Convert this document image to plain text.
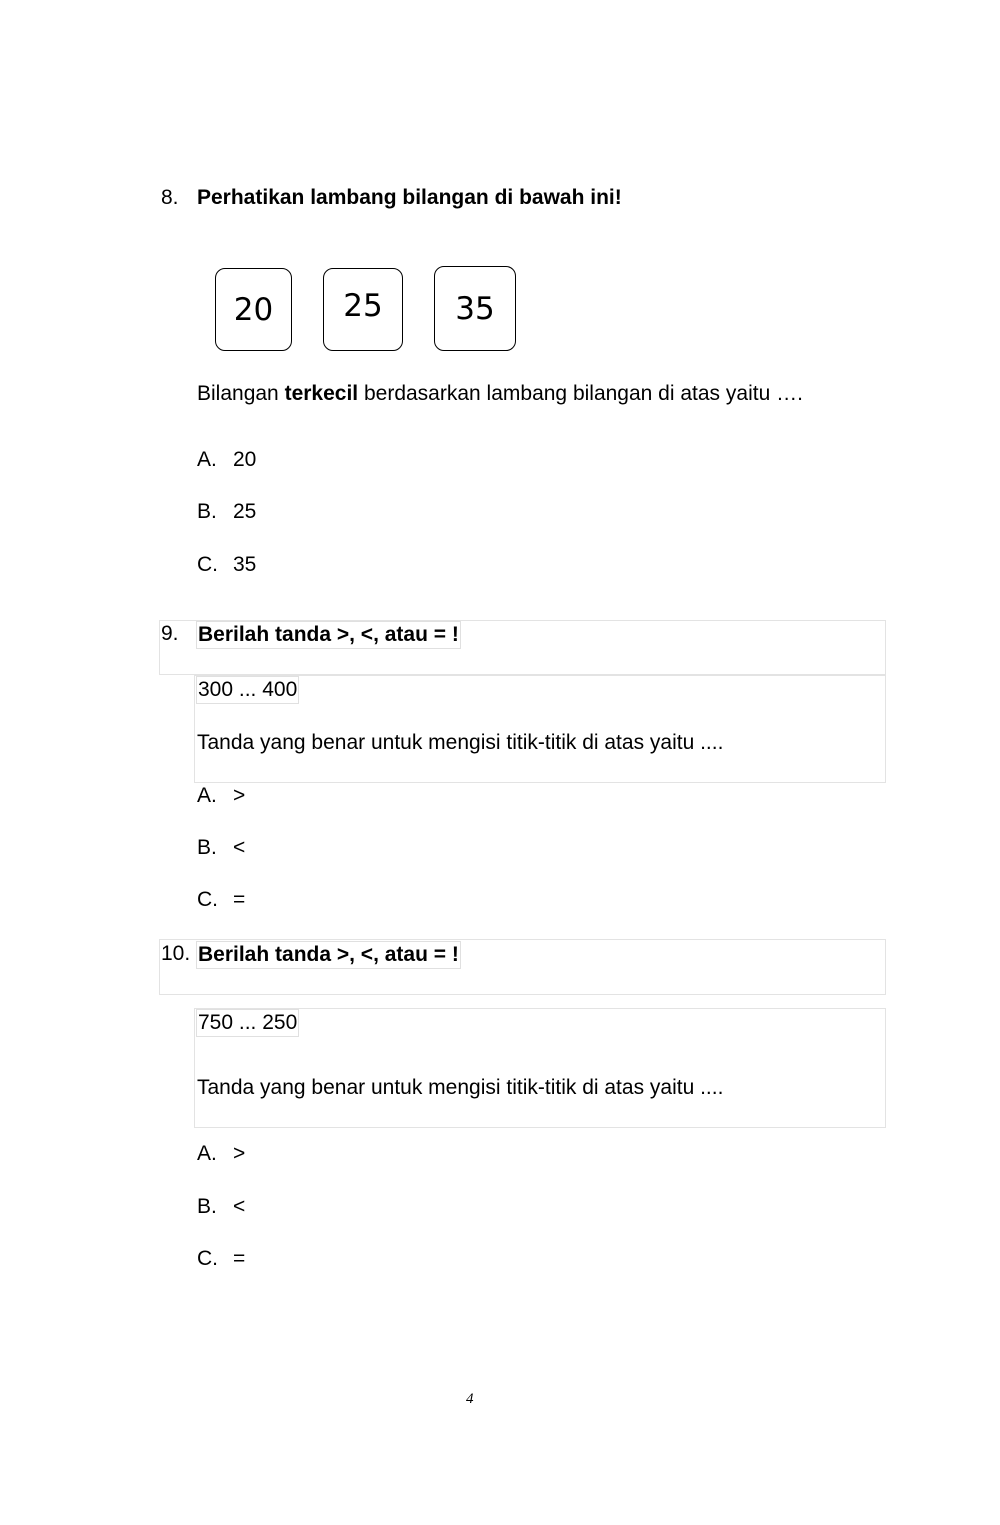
8. Perhatikan lambang bilangan di bawah ini!
20 25 35
Bilangan terkecil berdasarkan lambang bilangan di atas yaitu ….
A. 20
B. 25
C. 35
9. Berilah tanda >, <, atau = !
300 ... 400
Tanda yang benar untuk mengisi titik-titik di atas yaitu ....
A. >
B. <
C. =
10. Berilah tanda >, <, atau = !
750 ... 250
Tanda yang benar untuk mengisi titik-titik di atas yaitu ....
A. >
B. <
C. =
4
